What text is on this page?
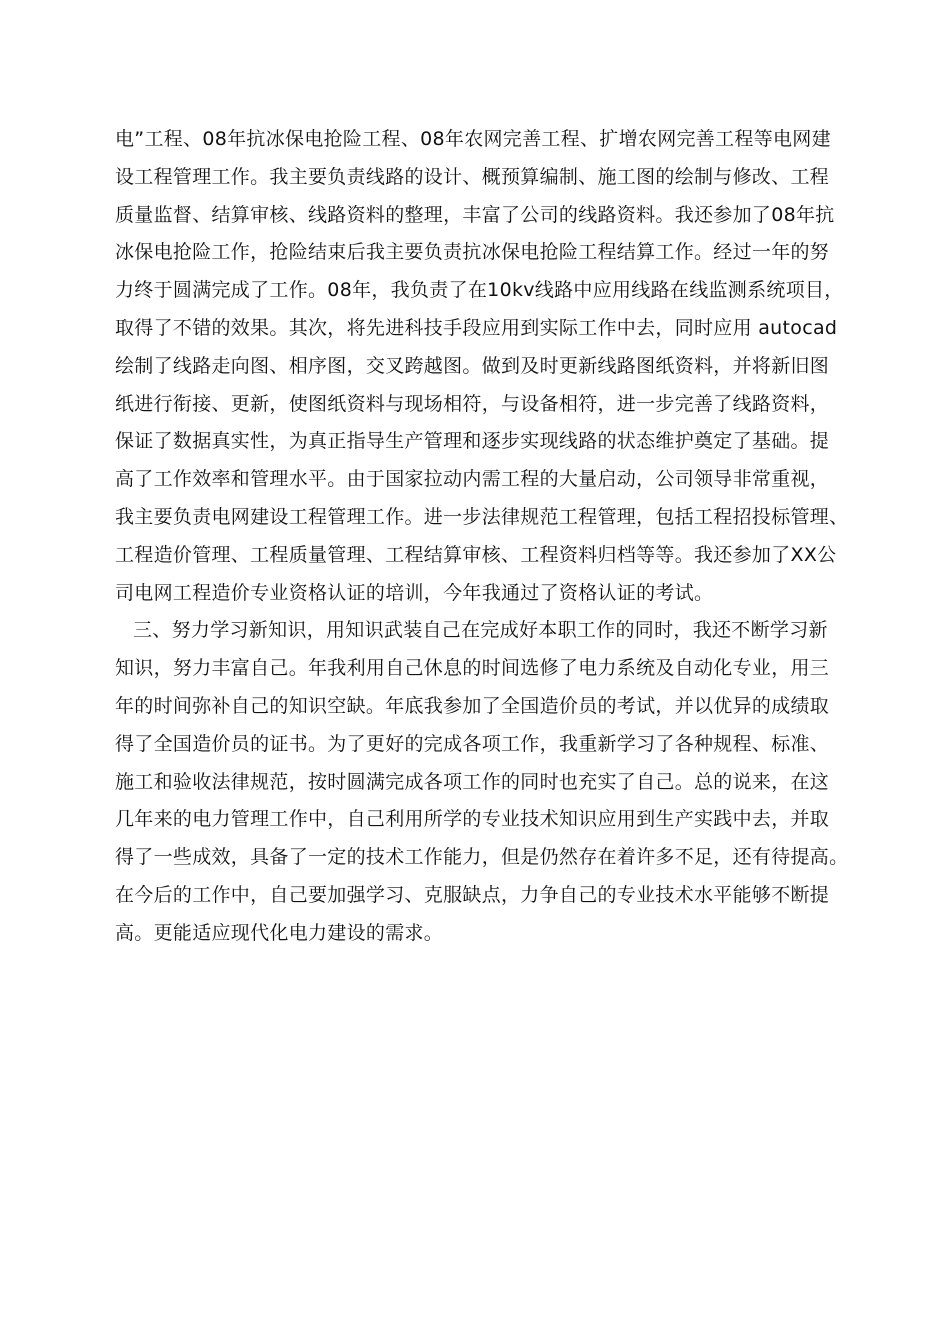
电”工程、08年抗冰保电抢险工程、08年农网完善工程、扩增农网完善工程等电网建
设工程管理工作。我主要负责线路的设计、概预算编制、施工图的绘制与修改、工程
质量监督、结算审核、线路资料的整理，丰富了公司的线路资料。我还参加了08年抗
冰保电抢险工作，抢险结束后我主要负责抗冰保电抢险工程结算工作。经过一年的努
力终于圆满完成了工作。08年，我负责了在10kv线路中应用线路在线监测系统项目，
取得了不错的效果。其次，将先进科技手段应用到实际工作中去，同时应用 autocad
绘制了线路走向图、相序图，交叉跨越图。做到及时更新线路图纸资料，并将新旧图
纸进行衔接、更新，使图纸资料与现场相符，与设备相符，进一步完善了线路资料，
保证了数据真实性，为真正指导生产管理和逐步实现线路的状态维护奠定了基础。提
高了工作效率和管理水平。由于国家拉动内需工程的大量启动，公司领导非常重视，
我主要负责电网建设工程管理工作。进一步法律规范工程管理，包括工程招投标管理、
工程造价管理、工程质量管理、工程结算审核、工程资料归档等等。我还参加了XX公
司电网工程造价专业资格认证的培训，今年我通过了资格认证的考试。
三、努力学习新知识，用知识武装自己在完成好本职工作的同时，我还不断学习新
知识，努力丰富自己。年我利用自己休息的时间选修了电力系统及自动化专业，用三
年的时间弥补自己的知识空缺。年底我参加了全国造价员的考试，并以优异的成绩取
得了全国造价员的证书。为了更好的完成各项工作，我重新学习了各种规程、标准、
施工和验收法律规范，按时圆满完成各项工作的同时也充实了自己。总的说来，在这
几年来的电力管理工作中，自己利用所学的专业技术知识应用到生产实践中去，并取
得了一些成效，具备了一定的技术工作能力，但是仍然存在着许多不足，还有待提高。
在今后的工作中，自己要加强学习、克服缺点，力争自己的专业技术水平能够不断提
高。更能适应现代化电力建设的需求。
